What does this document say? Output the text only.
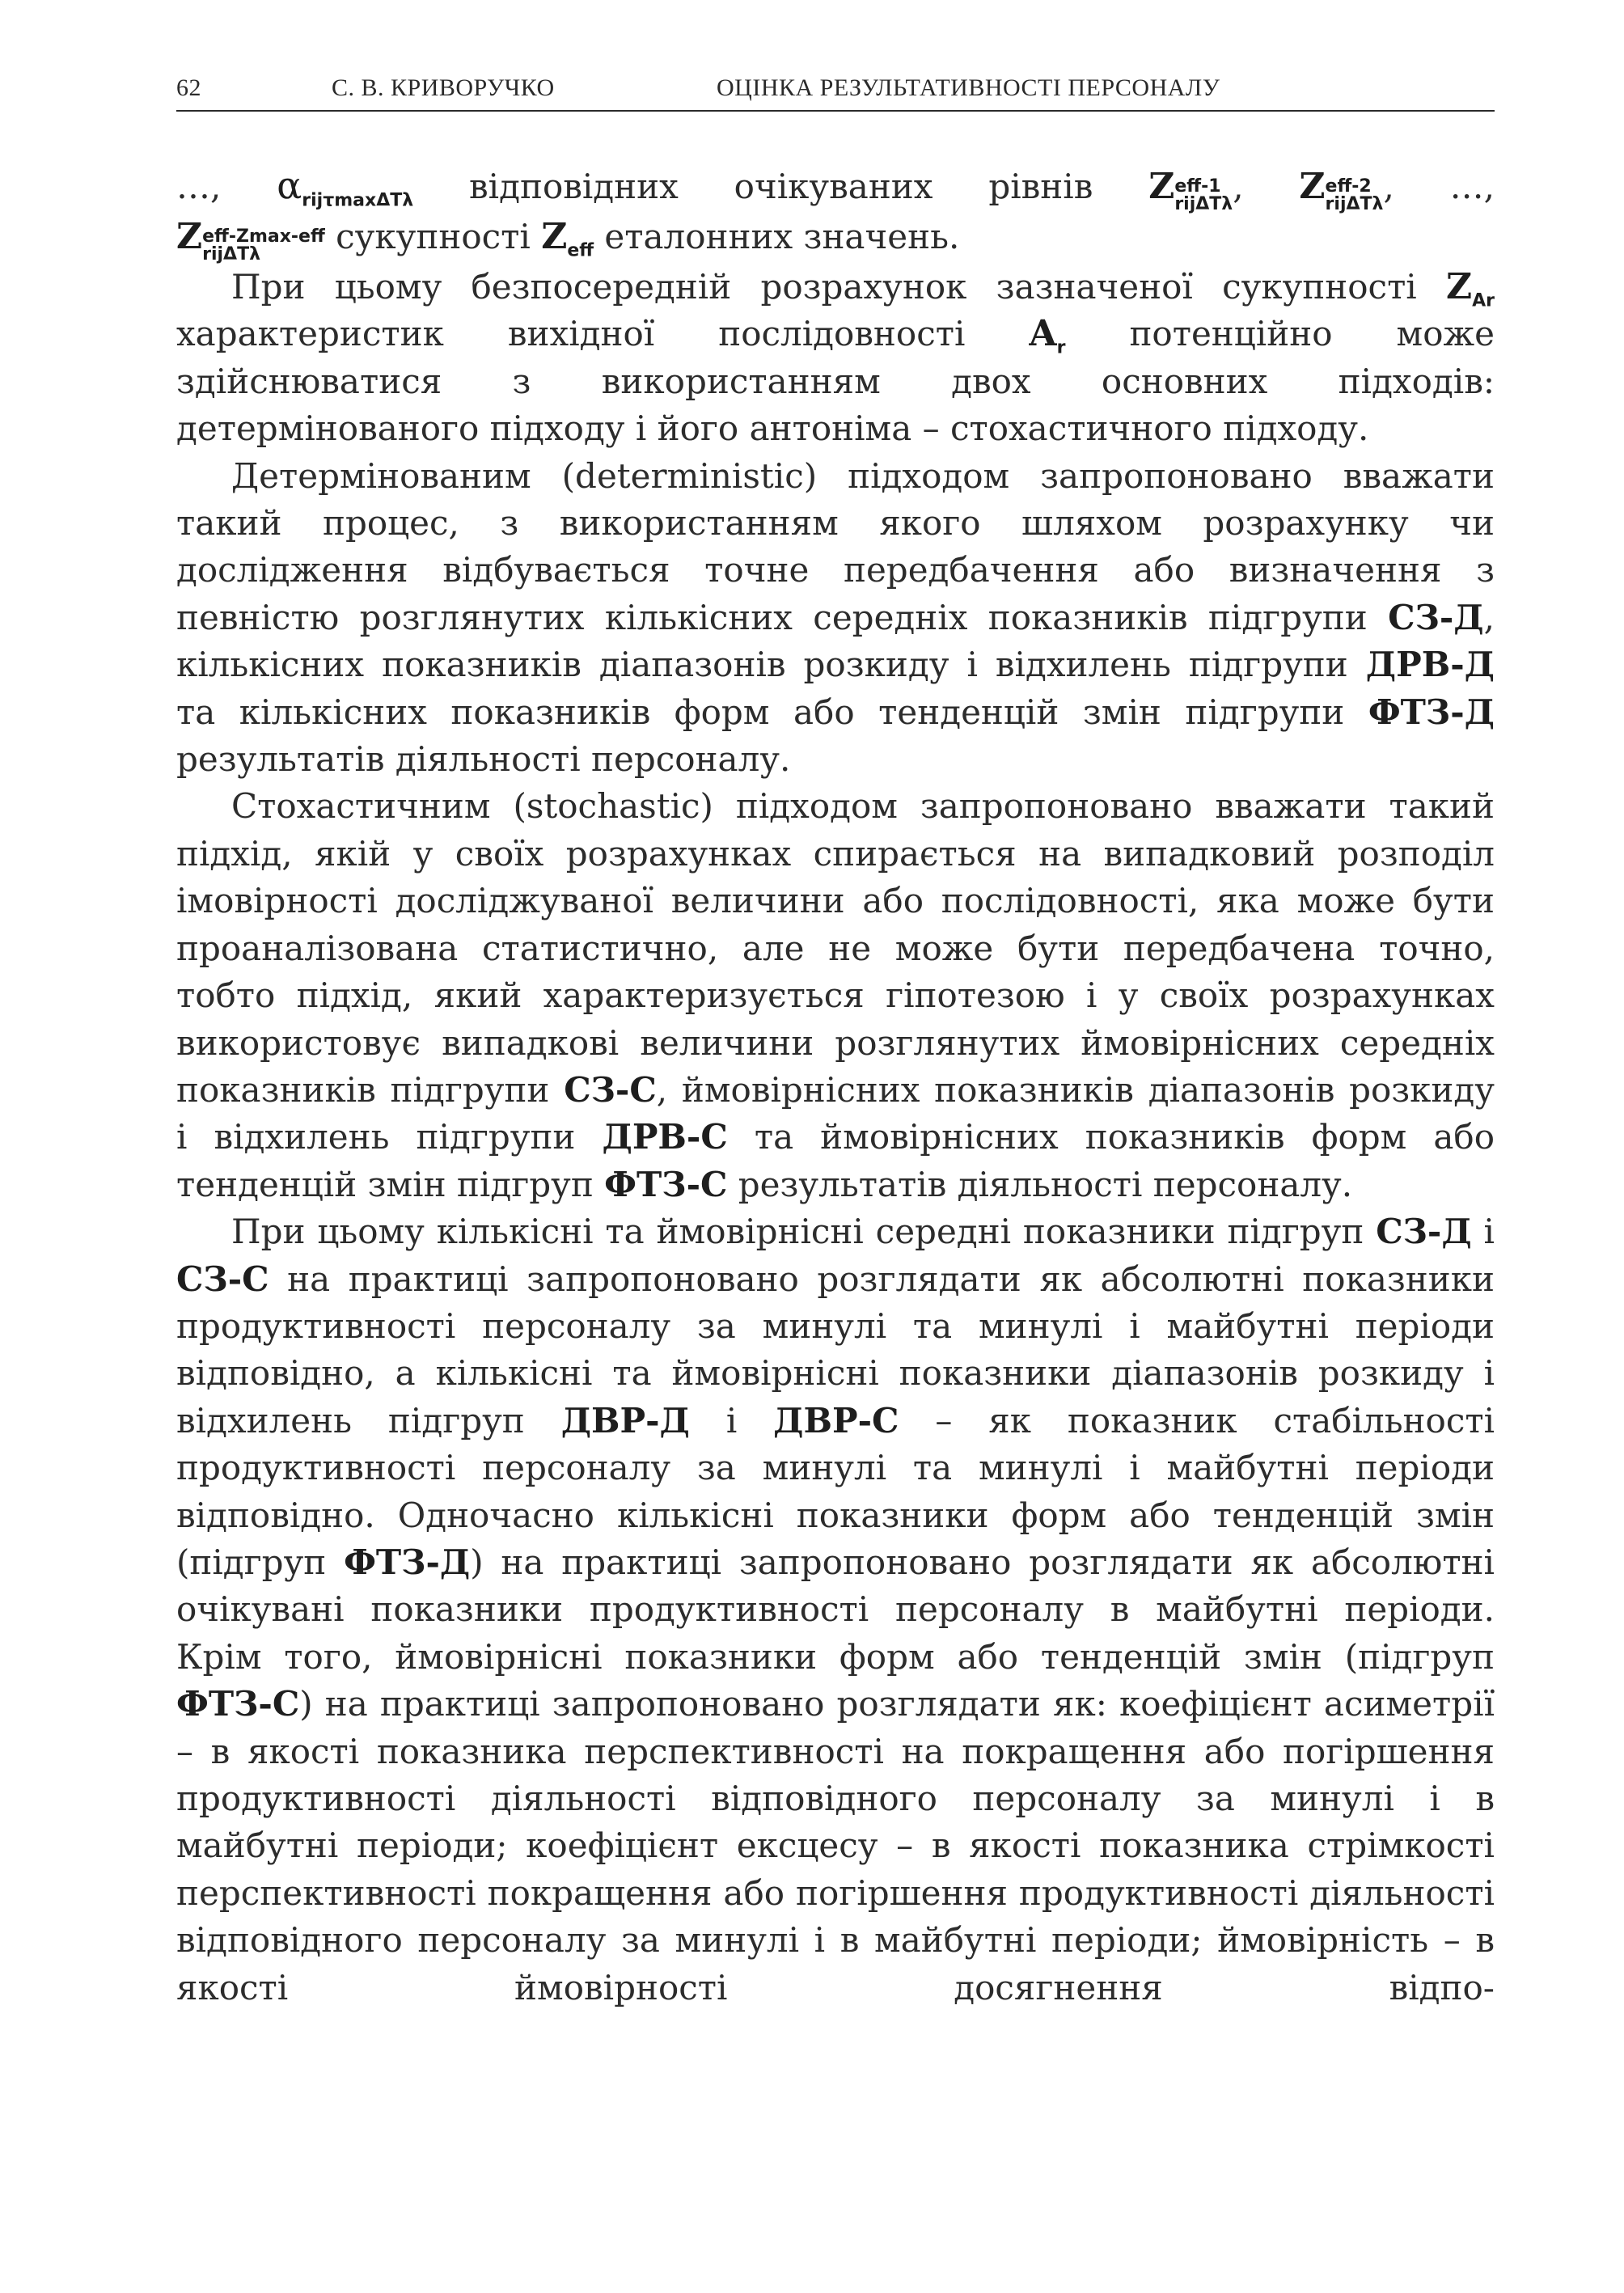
62	С. В. КРИВОРУЧКО	ОЦІНКА РЕЗУЛЬТАТИВНОСТІ ПЕРСОНАЛУ

…, $\alpha_{rij\tau max\Delta T\lambda}$ відповідних очікуваних рівнів Z eff-1
rijΔTλ , Z eff-2
rijΔTλ , …,

Z eff-Zmax-eff
rijΔTλ	сукупності $Z_{eff}$ еталонних значень.

При цьому безпосередній розрахунок зазначеної сукупності $Z_{Ar}$ характеристик вихідної послідовності $A_r$ потенційно може здійснюватися з використанням двох основних підходів: детермінованого підходу і його антоніма – стохастичного підходу.

Детермінованим (deterministic) підходом запропоновано вважати такий процес, з використанням якого шляхом розрахунку чи дослідження відбувається точне передбачення або визначення з певністю розглянутих кількісних середніх показників підгрупи СЗ-Д, кількісних показників діапазонів розкиду і відхилень підгрупи ДРВ-Д та кількісних показників форм або тенденцій змін підгрупи ФТЗ-Д результатів діяльності персоналу.

Стохастичним (stochastic) підходом запропоновано вважати такий підхід, якій у своїх розрахунках спирається на випадковий розподіл імовірності досліджуваної величини або послідовності, яка може бути проаналізована статистично, але не може бути передбачена точно, тобто підхід, який характеризується гіпотезою і у своїх розрахунках використовує випадкові величини розглянутих ймовірнісних середніх показників підгрупи СЗ-С, ймовірнісних показників діапазонів розкиду і відхилень підгрупи ДРВ-С та ймовірнісних показників форм або тенденцій змін підгруп ФТЗ-С результатів діяльності персоналу.

При цьому кількісні та ймовірнісні середні показники підгруп СЗ-Д і СЗ-С на практиці запропоновано розглядати як абсолютні показники продуктивності персоналу за минулі та минулі і майбутні періоди відповідно, а кількісні та ймовірнісні показники діапазонів розкиду і відхилень підгруп ДВР-Д і ДВР-С – як показник стабільності продуктивності персоналу за минулі та минулі і майбутні періоди відповідно. Одночасно кількісні показники форм або тенденцій змін (підгруп ФТЗ-Д) на практиці запропоновано розглядати як абсолютні очікувані показники продуктивності персоналу в майбутні періоди. Крім того, ймовірнісні показники форм або тенденцій змін (підгруп ФТЗ-С) на практиці запропоновано розглядати як: коефіцієнт асиметрії – в якості показника перспективності на покращення або погіршення продуктивності діяльності відповідного персоналу за минулі і в майбутні періоди; коефіцієнт ексцесу – в якості показника стрімкості перспективності покращення або погіршення продуктивності діяльності відповідного персоналу за минулі і в майбутні періоди; ймовірність – в якості ймовірності досягнення відпо-
